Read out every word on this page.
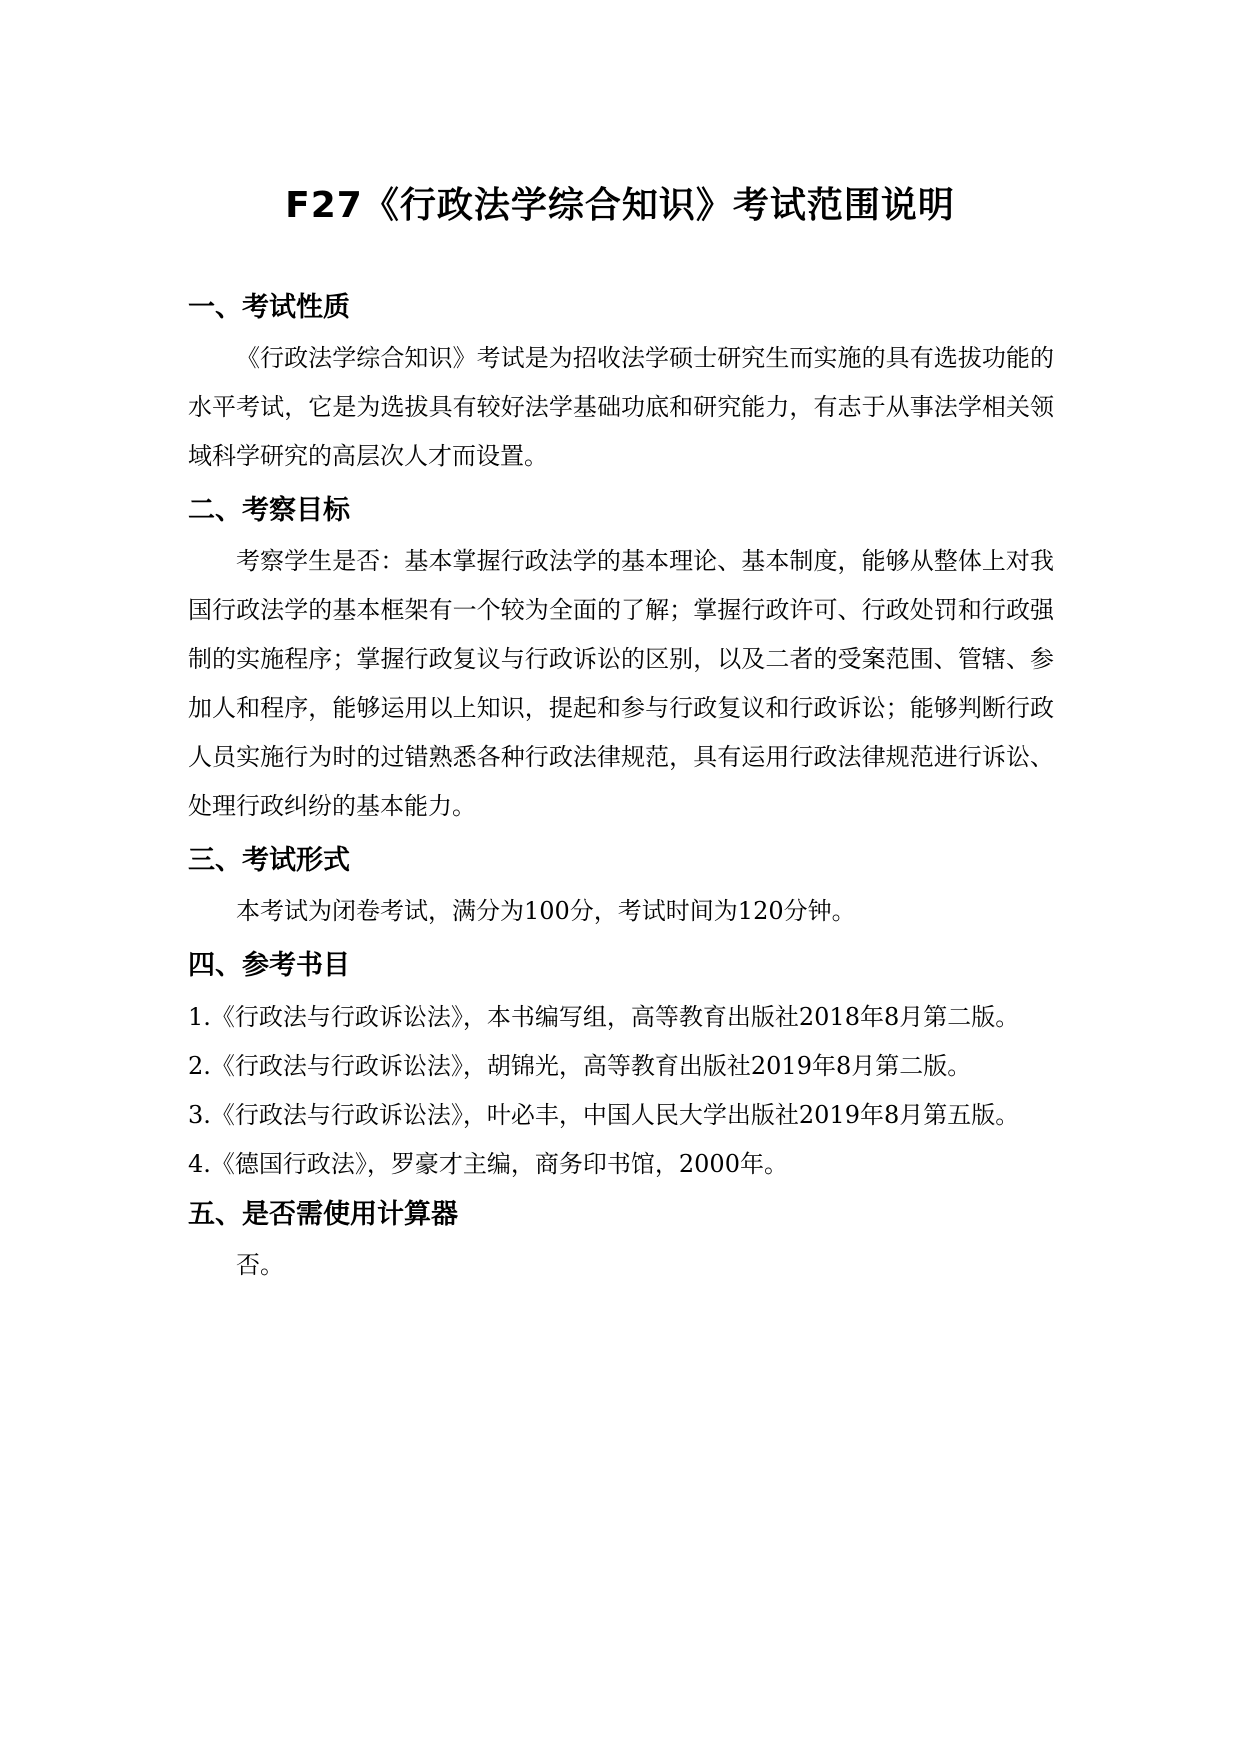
F27《行政法学综合知识》考试范围说明
一、考试性质

《行政法学综合知识》考试是为招收法学硕士研究生而实施的具有选拔功能的水平考试，它是为选拔具有较好法学基础功底和研究能力，有志于从事法学相关领域科学研究的高层次人才而设置。

二、考察目标

考察学生是否：基本掌握行政法学的基本理论、基本制度，能够从整体上对我国行政法学的基本框架有一个较为全面的了解；掌握行政许可、行政处罚和行政强制的实施程序；掌握行政复议与行政诉讼的区别，以及二者的受案范围、管辖、参加人和程序，能够运用以上知识，提起和参与行政复议和行政诉讼；能够判断行政人员实施行为时的过错熟悉各种行政法律规范，具有运用行政法律规范进行诉讼、处理行政纠纷的基本能力。

三、考试形式

本考试为闭卷考试，满分为100分，考试时间为120分钟。

四、参考书目
1.《行政法与行政诉讼法》，本书编写组，高等教育出版社2018年8月第二版。
2.《行政法与行政诉讼法》，胡锦光，高等教育出版社2019年8月第二版。
3.《行政法与行政诉讼法》，叶必丰，中国人民大学出版社2019年8月第五版。
4.《德国行政法》，罗豪才主编，商务印书馆，2000年。
五、是否需使用计算器

否。
